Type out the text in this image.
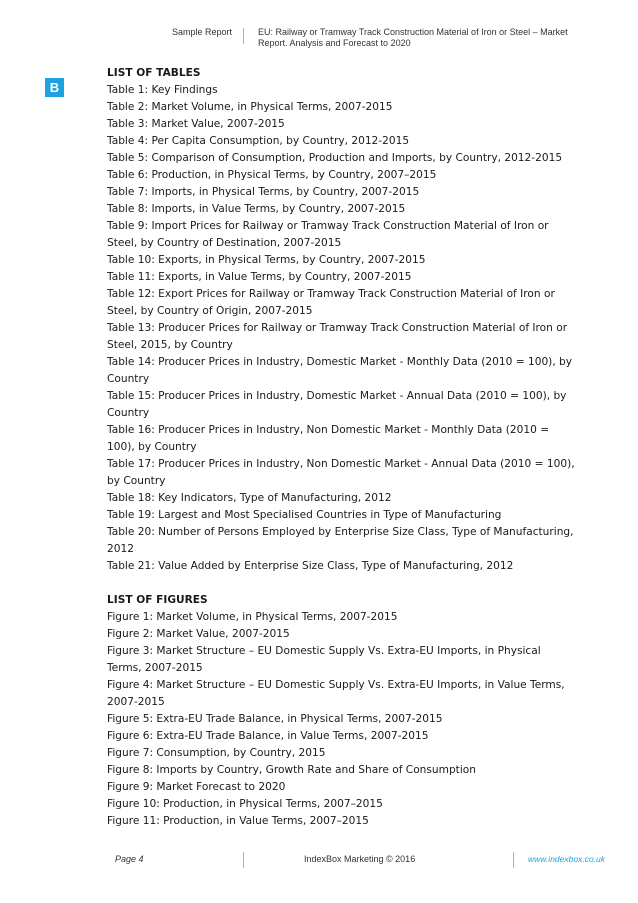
Sample Report	EU: Railway or Tramway Track Construction Material of Iron or Steel – Market Report. Analysis and Forecast to 2020
B
LIST OF TABLES
Table 1: Key Findings
Table 2: Market Volume, in Physical Terms, 2007-2015
Table 3: Market Value, 2007-2015
Table 4: Per Capita Consumption, by Country, 2012-2015
Table 5: Comparison of Consumption, Production and Imports, by Country, 2012-2015
Table 6: Production, in Physical Terms, by Country, 2007–2015
Table 7: Imports, in Physical Terms, by Country, 2007-2015
Table 8: Imports, in Value Terms, by Country, 2007-2015
Table 9: Import Prices for Railway or Tramway Track Construction Material of Iron or
Steel, by Country of Destination, 2007-2015
Table 10: Exports, in Physical Terms, by Country, 2007-2015
Table 11: Exports, in Value Terms, by Country, 2007-2015
Table 12: Export Prices for Railway or Tramway Track Construction Material of Iron or
Steel, by Country of Origin, 2007-2015
Table 13: Producer Prices for Railway or Tramway Track Construction Material of Iron or
Steel, 2015, by Country
Table 14: Producer Prices in Industry, Domestic Market - Monthly Data (2010 = 100), by
Country
Table 15: Producer Prices in Industry, Domestic Market - Annual Data (2010 = 100), by
Country
Table 16: Producer Prices in Industry, Non Domestic Market - Monthly Data (2010 =
100), by Country
Table 17: Producer Prices in Industry, Non Domestic Market - Annual Data (2010 = 100),
by Country
Table 18: Key Indicators, Type of Manufacturing, 2012
Table 19: Largest and Most Specialised Countries in Type of Manufacturing
Table 20: Number of Persons Employed by Enterprise Size Class, Type of Manufacturing,
2012
Table 21: Value Added by Enterprise Size Class, Type of Manufacturing, 2012
LIST OF FIGURES
Figure 1: Market Volume, in Physical Terms, 2007-2015
Figure 2: Market Value, 2007-2015
Figure 3: Market Structure – EU Domestic Supply Vs. Extra-EU Imports, in Physical
Terms, 2007-2015
Figure 4: Market Structure – EU Domestic Supply Vs. Extra-EU Imports, in Value Terms,
2007-2015
Figure 5: Extra-EU Trade Balance, in Physical Terms, 2007-2015
Figure 6: Extra-EU Trade Balance, in Value Terms, 2007-2015
Figure 7: Consumption, by Country, 2015
Figure 8: Imports by Country, Growth Rate and Share of Consumption
Figure 9: Market Forecast to 2020
Figure 10: Production, in Physical Terms, 2007–2015
Figure 11: Production, in Value Terms, 2007–2015
Page 4	IndexBox Marketing © 2016	www.indexbox.co.uk
